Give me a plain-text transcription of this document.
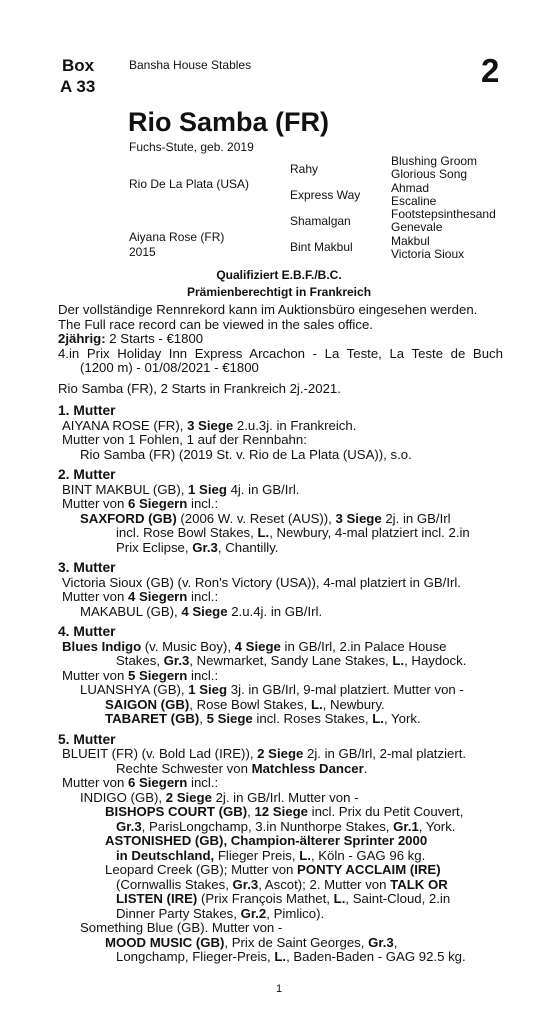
Box
A 33
Bansha House Stables	2
Rio Samba (FR)
Fuchs-Stute, geb. 2019
Rio De La Plata (USA)
Aiyana Rose (FR)
2015
Rahy
Express Way
Shamalgan
Bint Makbul
Blushing Groom
Glorious Song
Ahmad
Escaline
Footstepsinthesand
Genevale
Makbul
Victoria Sioux
Qualifiziert E.B.F./B.C.
Prämienberechtigt in Frankreich

Der vollständige Rennrekord kann im Auktionsbüro eingesehen werden.

The Full race record can be viewed in the sales office.

2jährig: 2 Starts - €1800

4.in Prix Holiday Inn Express Arcachon - La Teste, La Teste de Buch

(1200 m) - 01/08/2021 - €1800

Rio Samba (FR), 2 Starts in Frankreich 2j.-2021.

1. Mutter

AIYANA ROSE (FR), 3 Siege 2.u.3j. in Frankreich.

Mutter von 1 Fohlen, 1 auf der Rennbahn:

Rio Samba (FR) (2019 St. v. Rio de La Plata (USA)), s.o.

2. Mutter

BINT MAKBUL (GB), 1 Sieg 4j. in GB/Irl.

Mutter von 6 Siegern incl.:

SAXFORD (GB) (2006 W. v. Reset (AUS)), 3 Siege 2j. in GB/Irl

incl. Rose Bowl Stakes, L., Newbury, 4-mal platziert incl. 2.in

Prix Eclipse, Gr.3, Chantilly.

3. Mutter

Victoria Sioux (GB) (v. Ron's Victory (USA)), 4-mal platziert in GB/Irl.

Mutter von 4 Siegern incl.:

MAKABUL (GB), 4 Siege 2.u.4j. in GB/Irl.

4. Mutter

Blues Indigo (v. Music Boy), 4 Siege in GB/Irl, 2.in Palace House

Stakes, Gr.3, Newmarket, Sandy Lane Stakes, L., Haydock.

Mutter von 5 Siegern incl.:

LUANSHYA (GB), 1 Sieg 3j. in GB/Irl, 9-mal platziert. Mutter von -

SAIGON (GB), Rose Bowl Stakes, L., Newbury.

TABARET (GB), 5 Siege incl. Roses Stakes, L., York.

5. Mutter

BLUEIT (FR) (v. Bold Lad (IRE)), 2 Siege 2j. in GB/Irl, 2-mal platziert.

Rechte Schwester von Matchless Dancer.

Mutter von 6 Siegern incl.:

INDIGO (GB), 2 Siege 2j. in GB/Irl. Mutter von -

BISHOPS COURT (GB), 12 Siege incl. Prix du Petit Couvert,

Gr.3, ParisLongchamp, 3.in Nunthorpe Stakes, Gr.1, York.

ASTONISHED (GB), Champion-älterer Sprinter 2000

in Deutschland, Flieger Preis, L., Köln - GAG 96 kg.

Leopard Creek (GB); Mutter von PONTY ACCLAIM (IRE)

(Cornwallis Stakes, Gr.3, Ascot); 2. Mutter von TALK OR

LISTEN (IRE) (Prix François Mathet, L., Saint-Cloud, 2.in

Dinner Party Stakes, Gr.2, Pimlico).

Something Blue (GB). Mutter von -

MOOD MUSIC (GB), Prix de Saint Georges, Gr.3,

Longchamp, Flieger-Preis, L., Baden-Baden - GAG 92.5 kg.

1
